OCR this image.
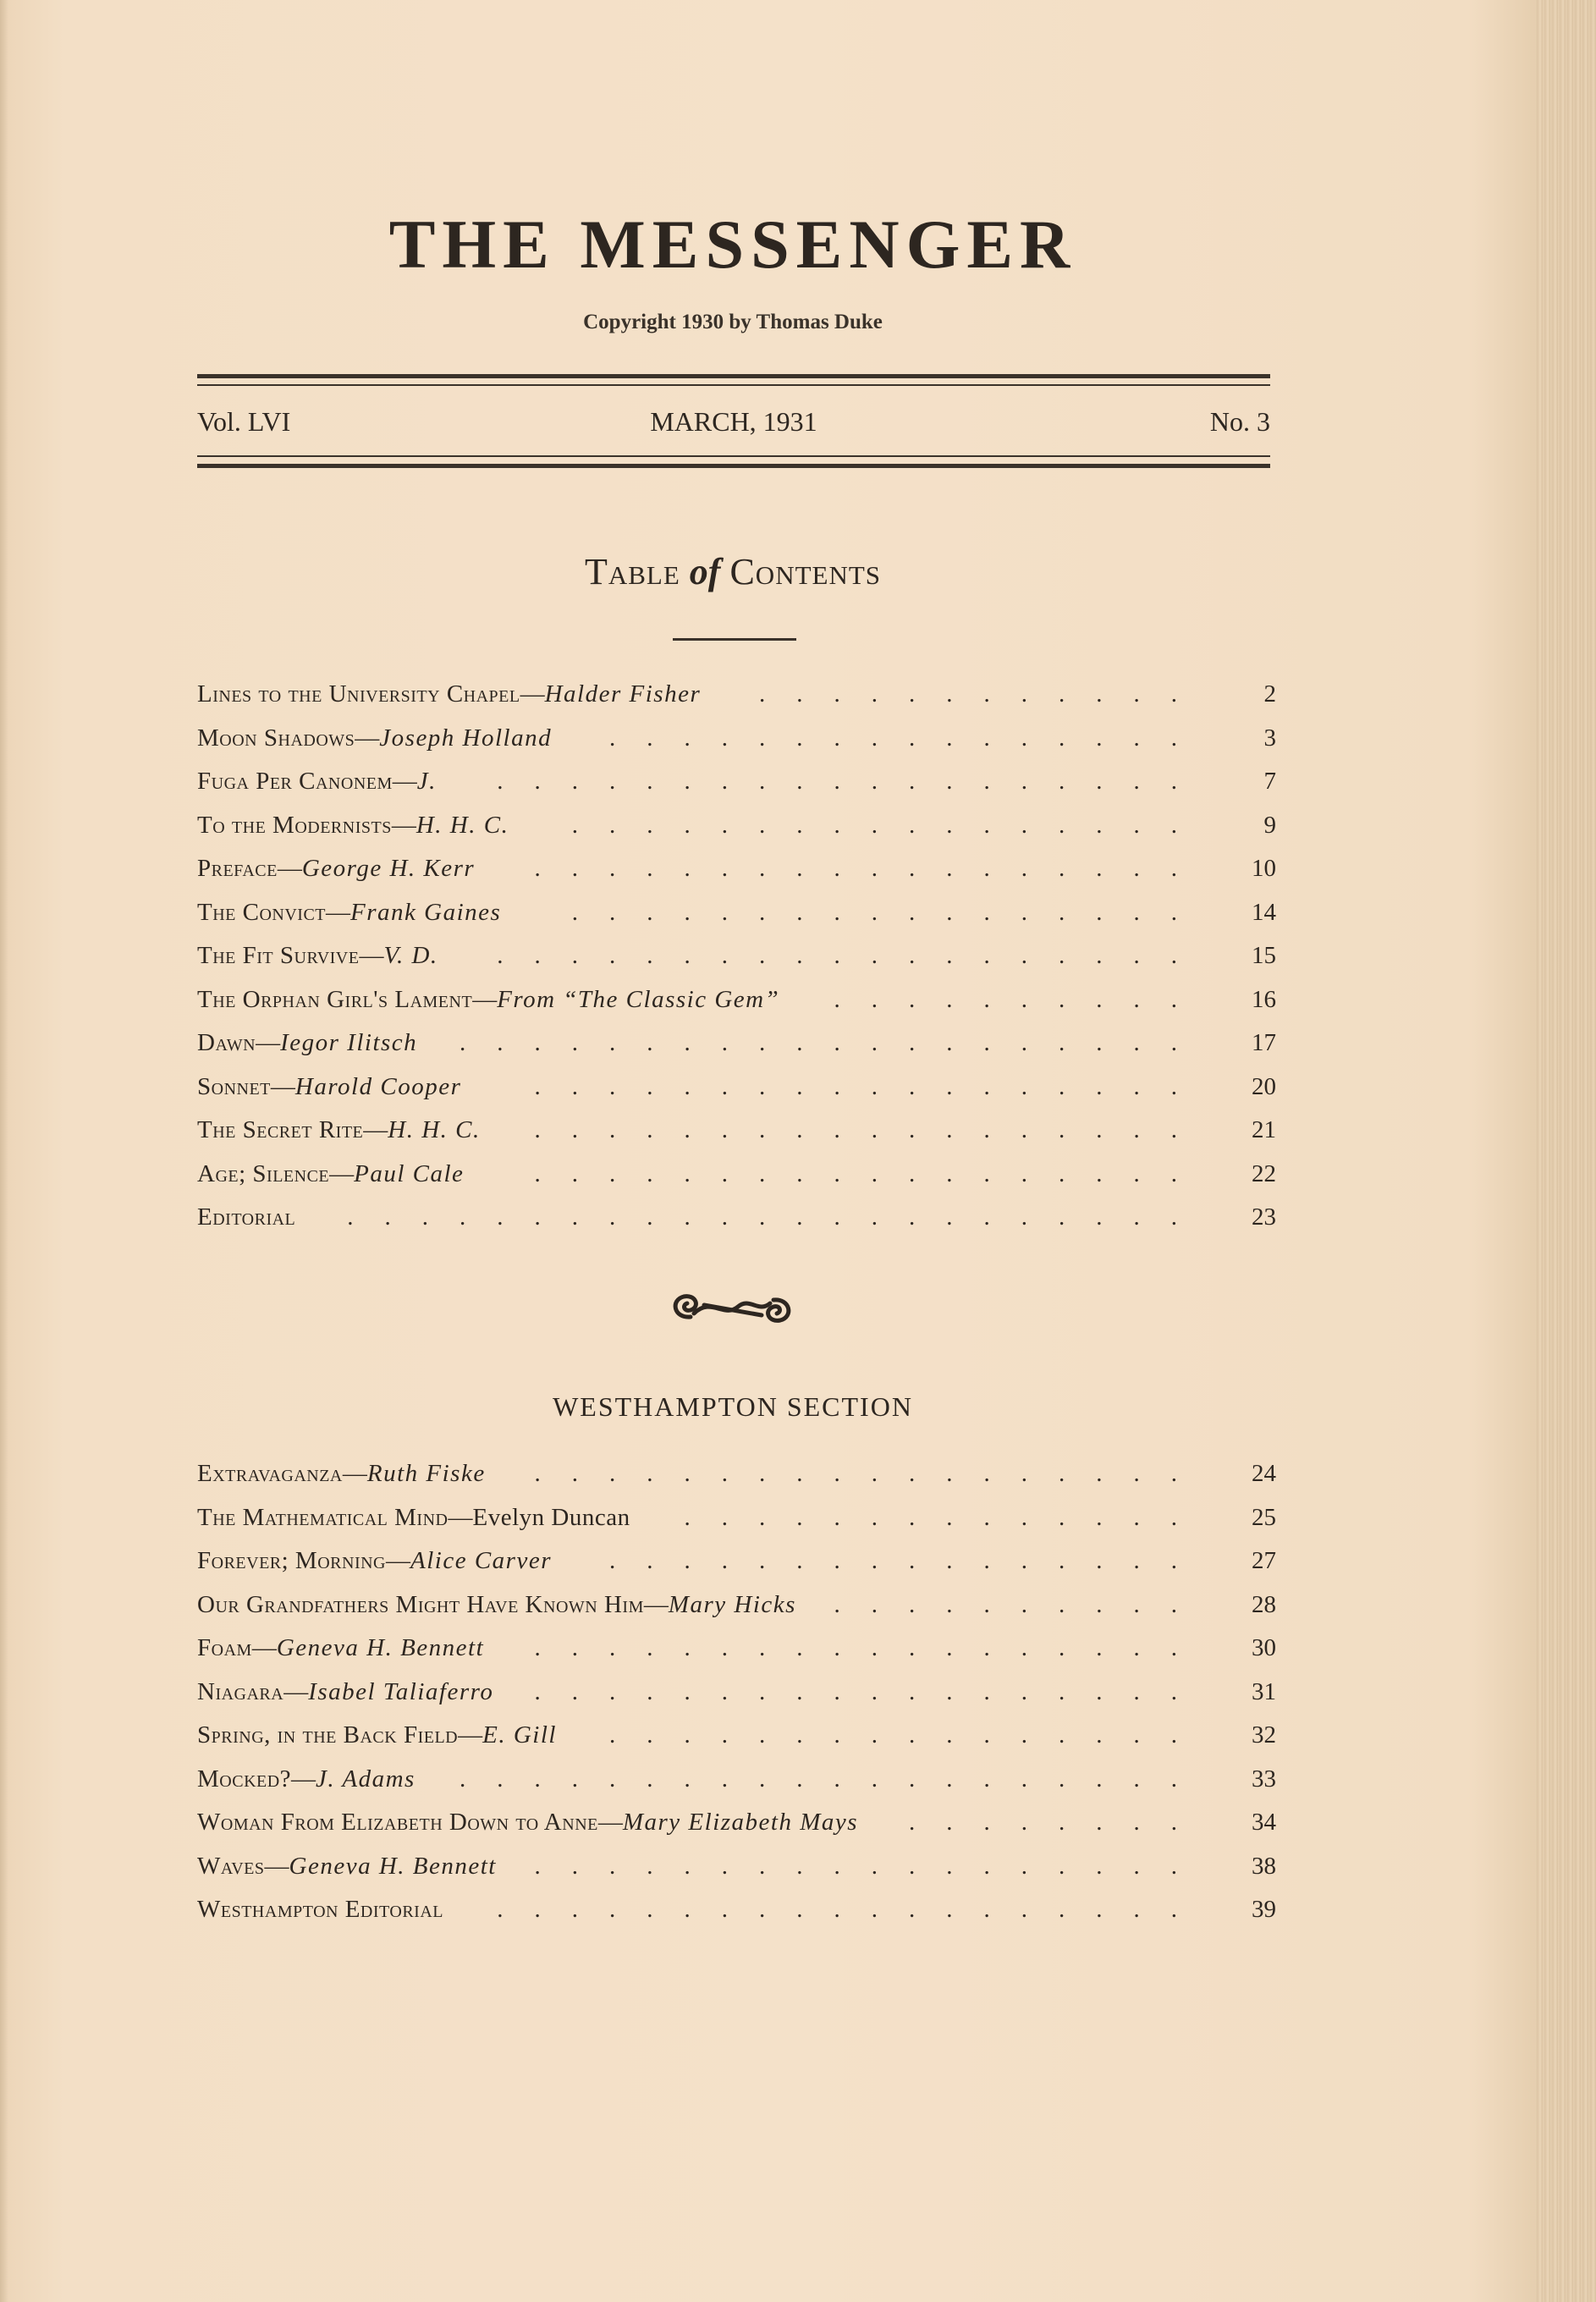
THE MESSENGER
Copyright 1930 by Thomas Duke
Vol. LVI	MARCH, 1931	No. 3
Table of Contents
Lines to the University Chapel—Halder Fisher ............	2
Moon Shadows—Joseph Holland ................	3
Fuga Per Canonem—J. ...................	7
To the Modernists—H. H. C.	.................	9
Preface—George H. Kerr ..................	10
The Convict—Frank Gaines	.................	14
The Fit Survive—V. D. ...................	15
The Orphan Girl's Lament—From “The Classic Gem” ..........	16
Dawn—Iegor Ilitsch ....................	17
Sonnet—Harold Cooper	..................	20
The Secret Rite—H. H. C. ..................	21
Age; Silence—Paul Cale	..................	22
Editorial .......................	23
WESTHAMPTON SECTION
Extravaganza—Ruth Fiske ..................	24
The Mathematical Mind—Evelyn Duncan ..............	25
Forever; Morning—Alice Carver ................	27
Our Grandfathers Might Have Known Him—Mary Hicks ..........	28
Foam—Geneva H. Bennett ..................	30
Niagara—Isabel Taliaferro ..................	31
Spring, in the Back Field—E. Gill ................	32
Mocked?—J. Adams ....................	33
Woman From Elizabeth Down to Anne—Mary Elizabeth Mays ........	34
Waves—Geneva H. Bennett ..................	38
Westhampton Editorial ...................	39
